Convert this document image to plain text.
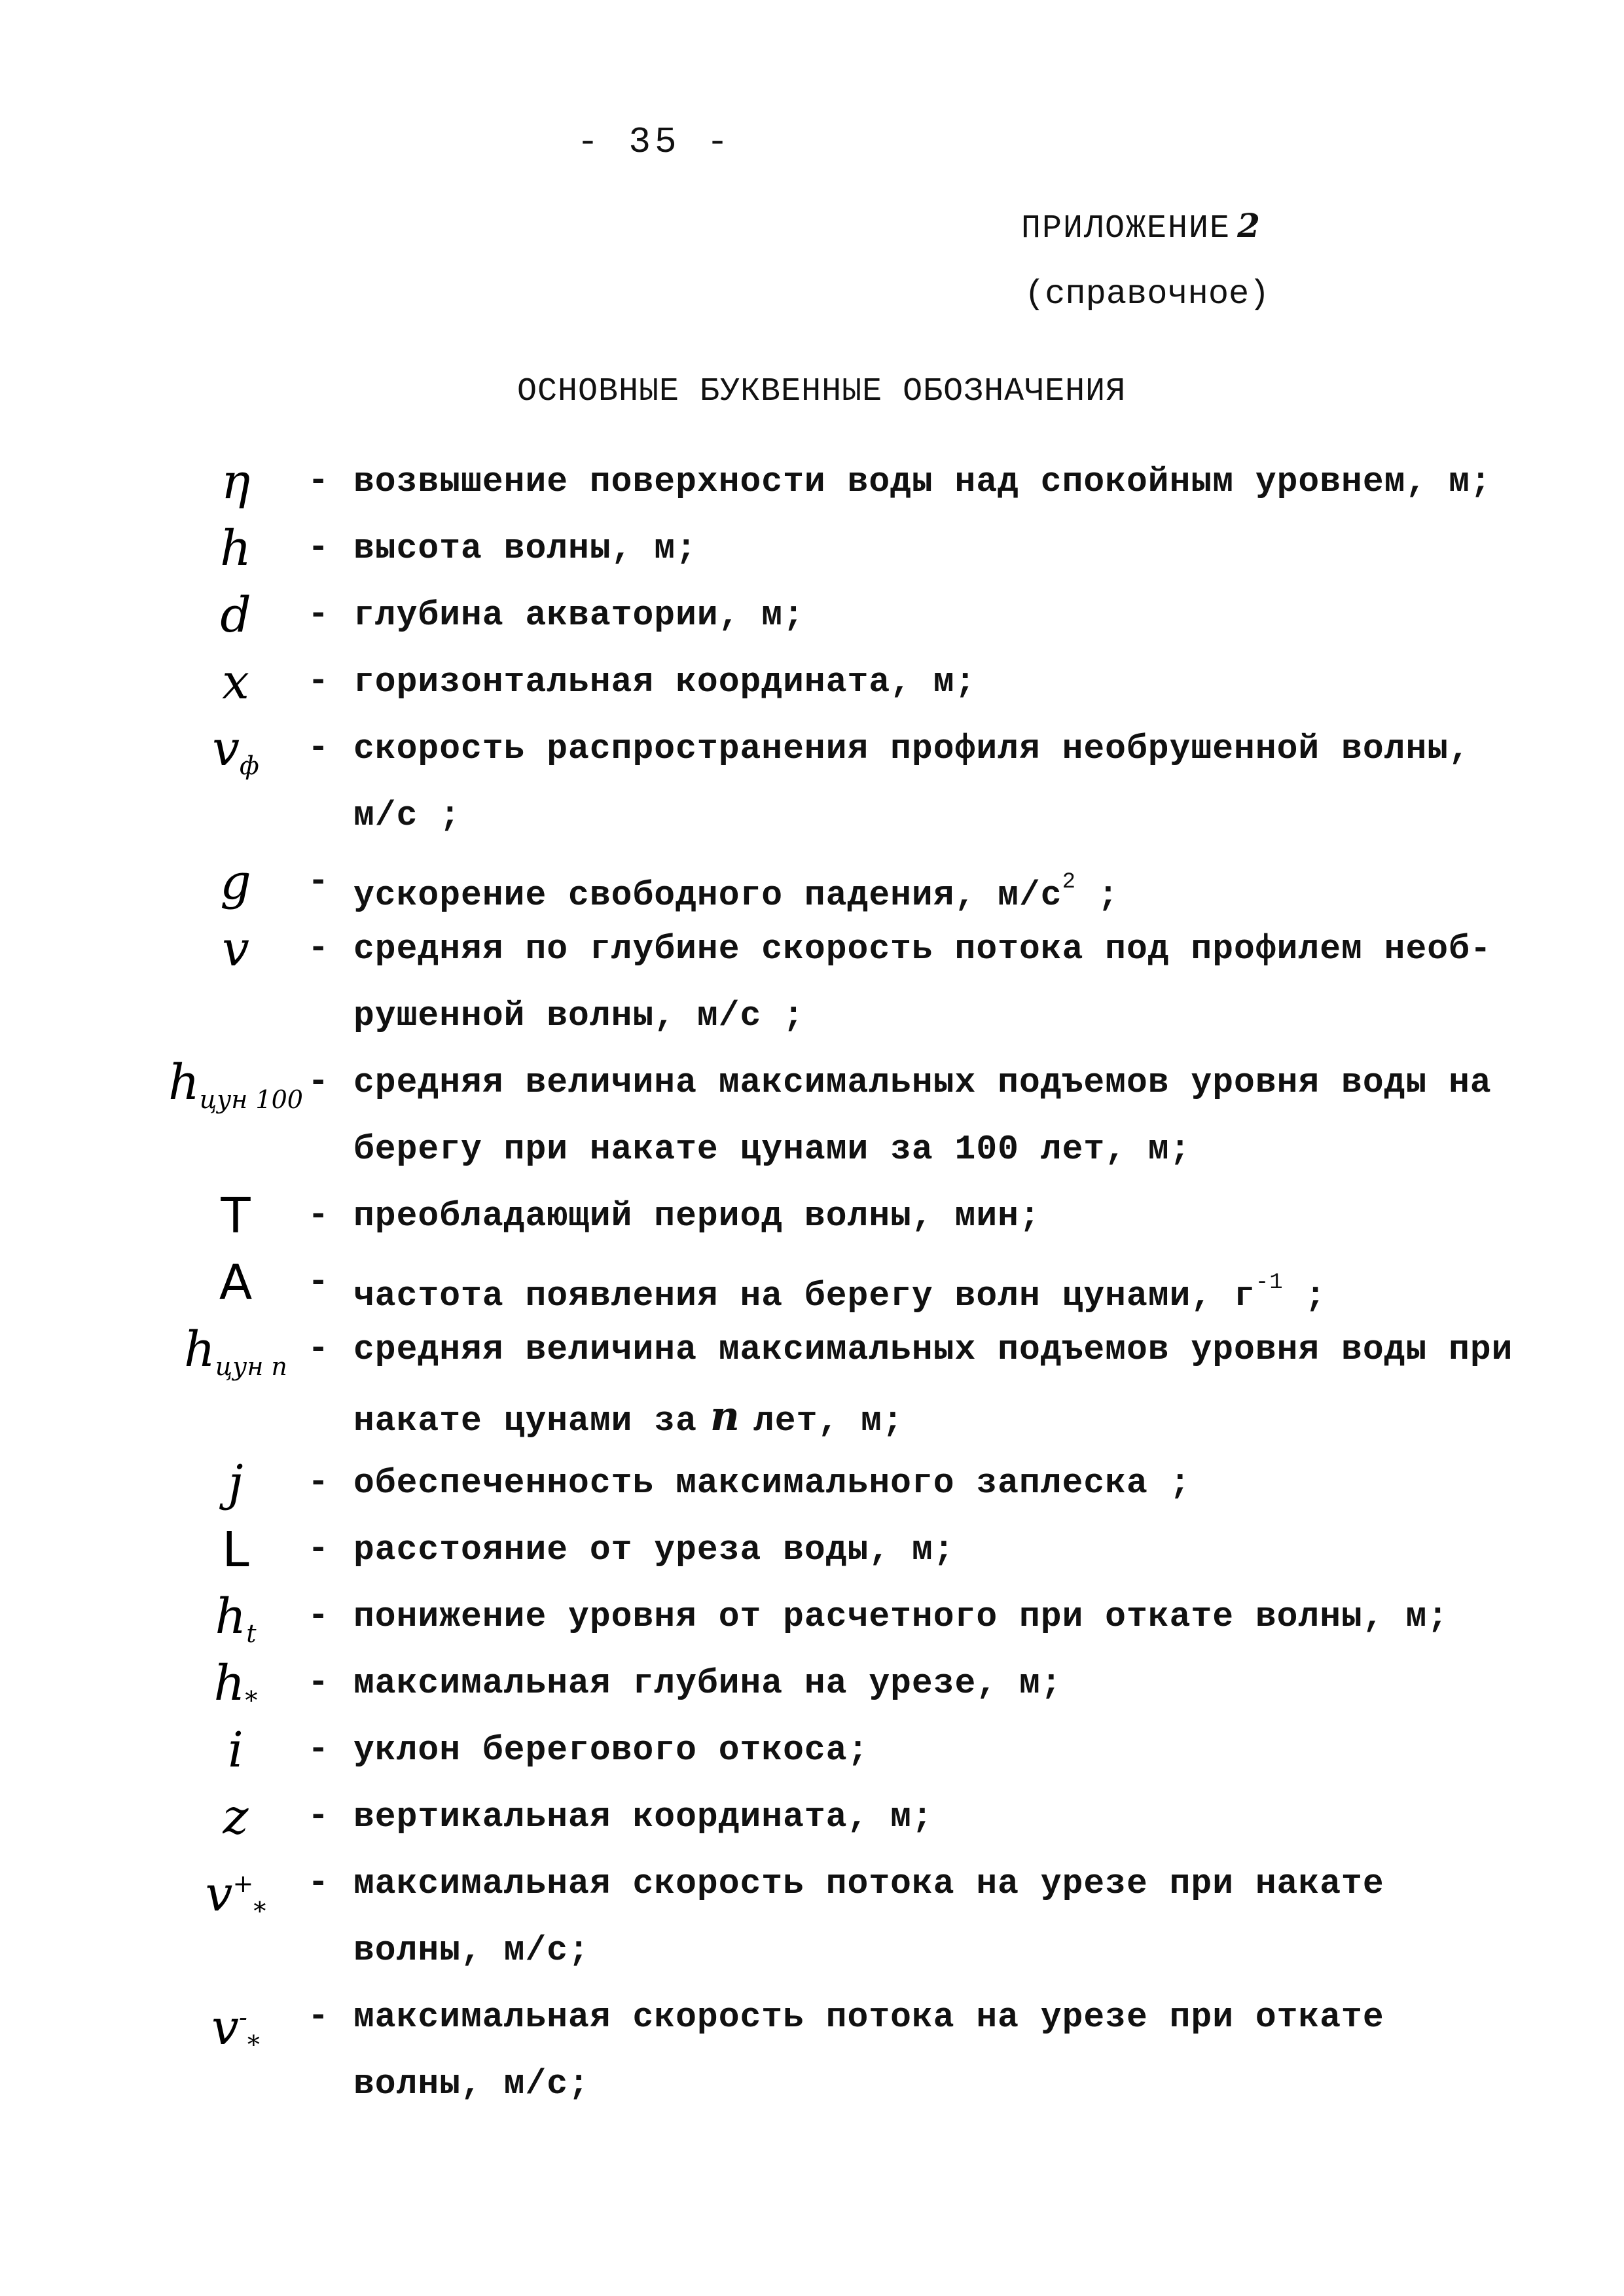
- 35 -
ПРИЛОЖЕНИЕ 2
(справочное)
ОСНОВНЫЕ БУКВЕННЫЕ ОБОЗНАЧЕНИЯ
η	- возвышение поверхности воды над спокойным уровнем, м;
h	- высота волны, м;
d	- глубина акватории, м;
x	- горизонтальная координата, м;
$v_ф$	- скорость распространения профиля необрушенной волны,
м/с ;
g	- ускорение свободного падения, $м/с^2$ ;
v	- средняя по глубине скорость потока под профилем необ-
рушенной волны, м/с ;
$h_{цун 100}$ - средняя величина максимальных подъемов уровня воды на
берегу при накате цунами за 100 лет, м;
T	- преобладающий период волны, мин;
A	- частота появления на берегу волн цунами, $г^{-1}$ ;
$h_{цун n}$ - средняя величина максимальных подъемов уровня воды при
накате цунами за n лет, м;
j	- обеспеченность максимального заплеска ;
L	- расстояние от уреза воды, м;
$h_t$	- понижение уровня от расчетного при откате волны, м;
$h_*$	- максимальная глубина на урезе, м;
i	- уклон берегового откоса;
z	- вертикальная координата, м;
$v^+_*$
- максимальная скорость потока на урезе при накате
волны, м/с;
$v^-_*$
- максимальная скорость потока на урезе при откате
волны, м/с;
